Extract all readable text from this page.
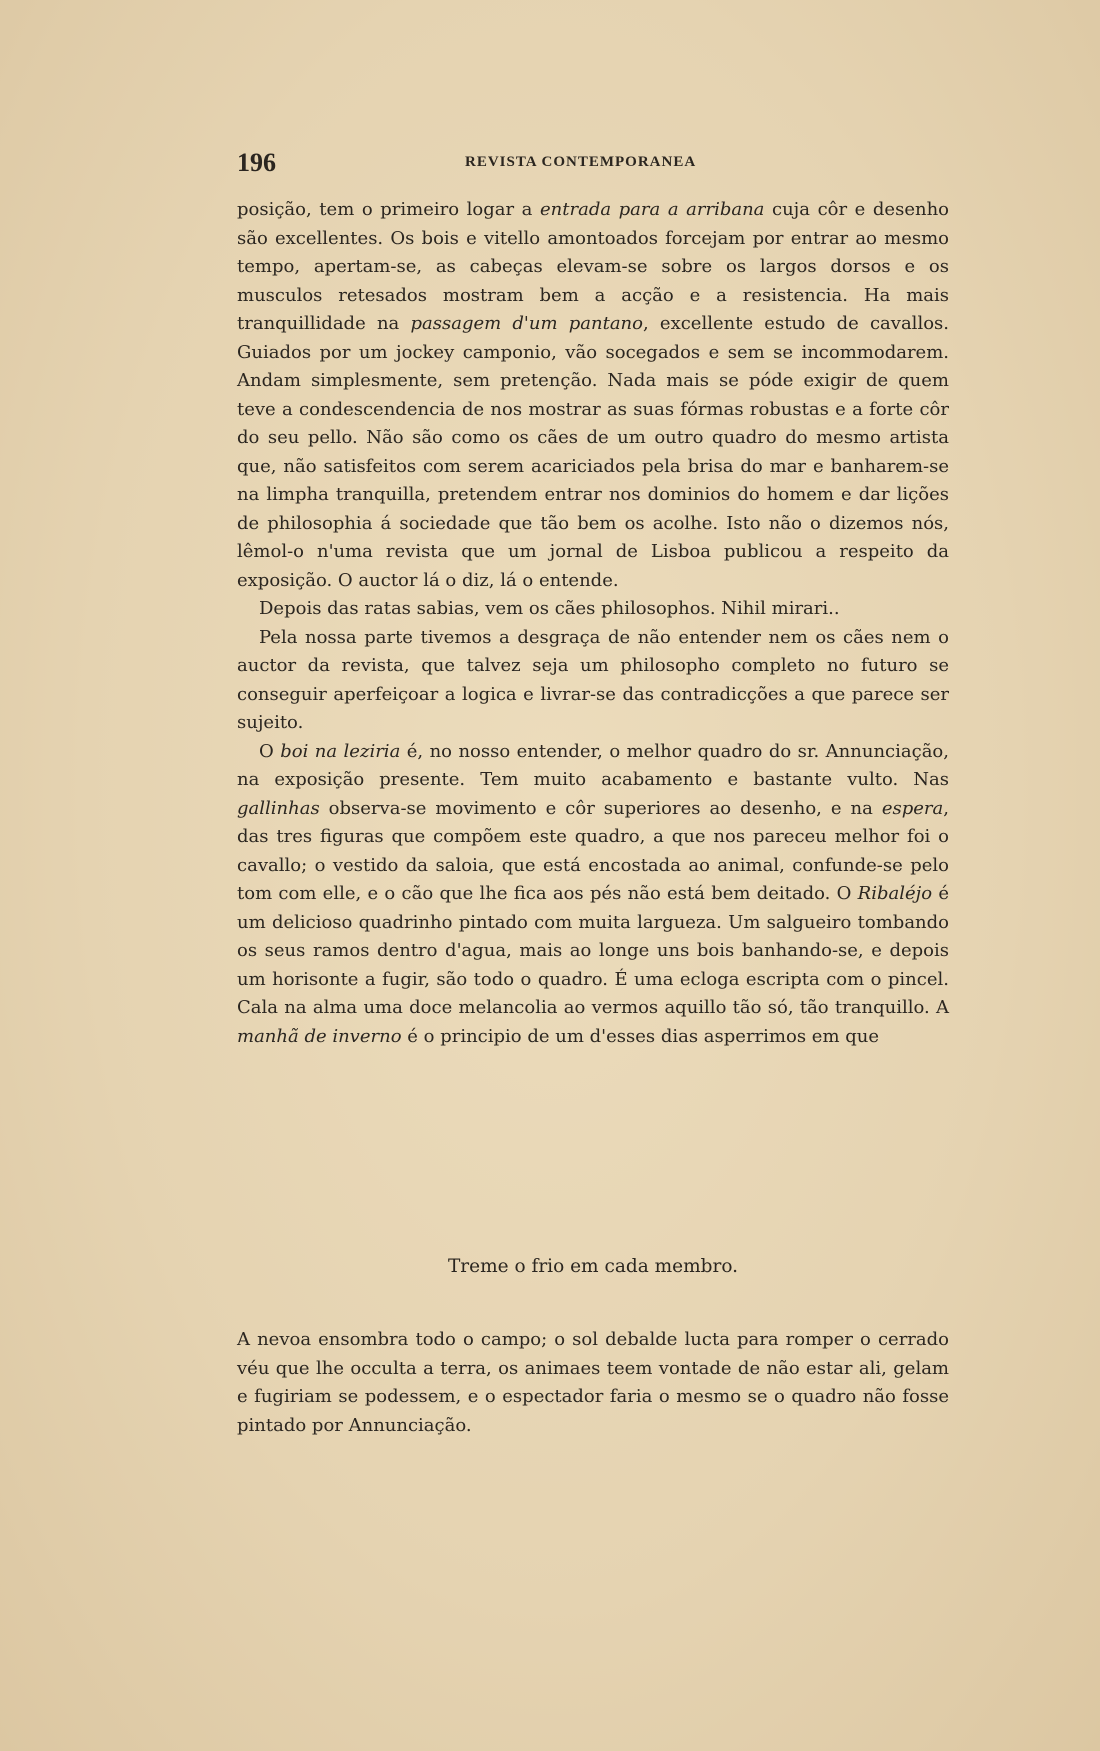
196	REVISTA CONTEMPORANEA

posição, tem o primeiro logar a entrada para a arribana cuja côr e desenho são excellentes. Os bois e vitello amontoados forcejam por entrar ao mesmo tempo, apertam-se, as cabeças elevam-se sobre os largos dorsos e os musculos retesados mostram bem a acção e a resistencia. Ha mais tranquillidade na passagem d'um pantano, excellente estudo de cavallos. Guiados por um jockey camponio, vão socegados e sem se incommodarem. Andam simplesmente, sem pretenção. Nada mais se póde exigir de quem teve a condescendencia de nos mostrar as suas fórmas robustas e a forte côr do seu pello. Não são como os cães de um outro quadro do mesmo artista que, não satisfeitos com serem acariciados pela brisa do mar e banharem-se na limpha tranquilla, pretendem entrar nos dominios do homem e dar lições de philosophia á sociedade que tão bem os acolhe. Isto não o dizemos nós, lêmol-o n'uma revista que um jornal de Lisboa publicou a respeito da exposição. O auctor lá o diz, lá o entende.

Depois das ratas sabias, vem os cães philosophos. Nihil mirari..

Pela nossa parte tivemos a desgraça de não entender nem os cães nem o auctor da revista, que talvez seja um philosopho completo no futuro se conseguir aperfeiçoar a logica e livrar-se das contradicções a que parece ser sujeito.

O boi na leziria é, no nosso entender, o melhor quadro do sr. Annunciação, na exposição presente. Tem muito acabamento e bastante vulto. Nas gallinhas observa-se movimento e côr superiores ao desenho, e na espera, das tres figuras que compõem este quadro, a que nos pareceu melhor foi o cavallo; o vestido da saloia, que está encostada ao animal, confunde-se pelo tom com elle, e o cão que lhe fica aos pés não está bem deitado. O Ribaléjo é um delicioso quadrinho pintado com muita largueza. Um salgueiro tombando os seus ramos dentro d'agua, mais ao longe uns bois banhando-se, e depois um horisonte a fugir, são todo o quadro. É uma ecloga escripta com o pincel. Cala na alma uma doce melancolia ao vermos aquillo tão só, tão tranquillo. A manhã de inverno é o principio de um d'esses dias asperrimos em que

Treme o frio em cada membro.
A nevoa ensombra todo o campo; o sol debalde lucta para romper o cerrado véu que lhe occulta a terra, os animaes teem vontade de não estar ali, gelam e fugiriam se podessem, e o espectador faria o mesmo se o quadro não fosse pintado por Annunciação.
